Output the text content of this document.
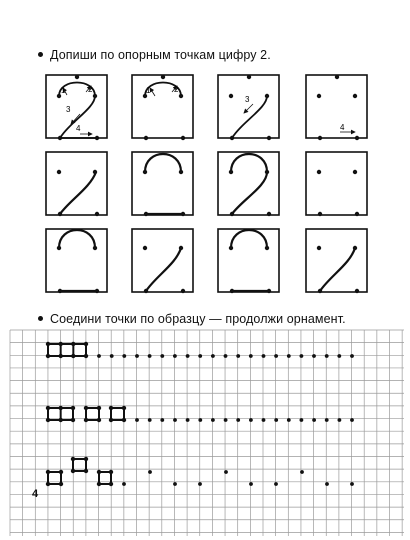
Допиши по опорным точкам цифру 2.
Соедини точки по образцу — продолжи орнамент.
1	2
3
4
1	2
3
4
4
